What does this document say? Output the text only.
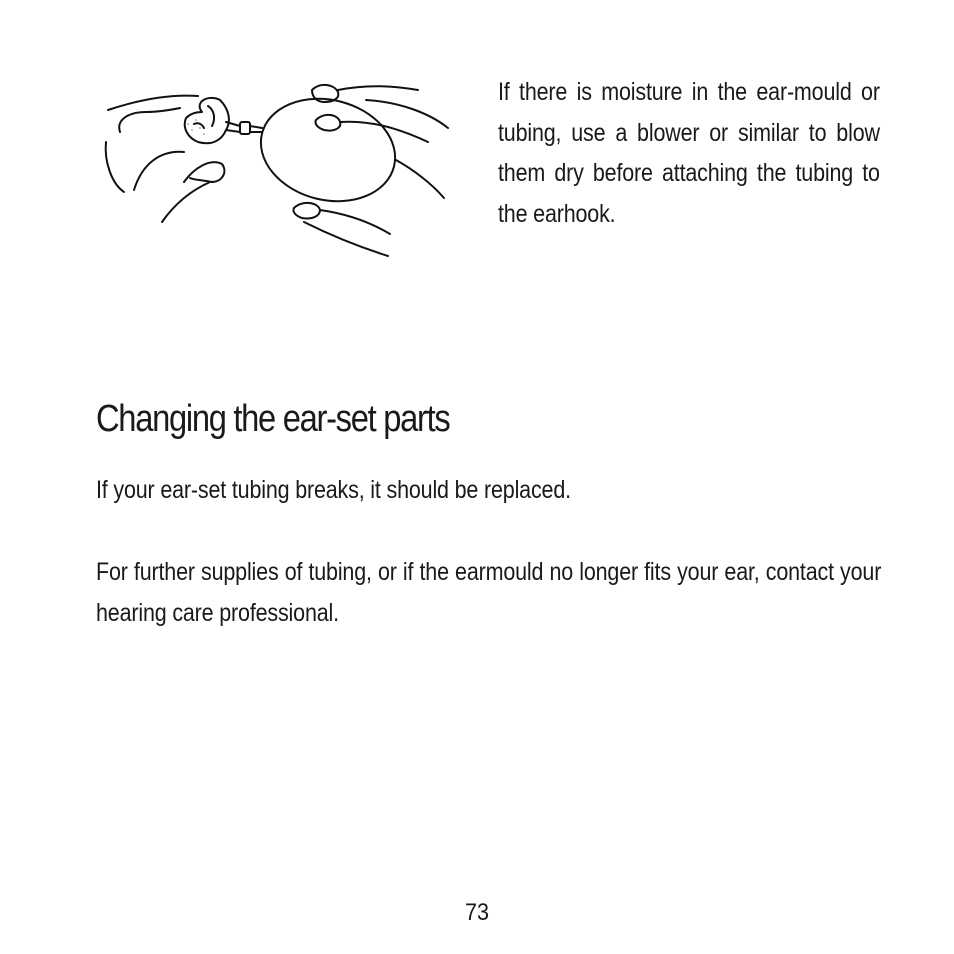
If there is moisture in the ear-mould or tubing, use a blower or similar to blow them dry before attaching the tubing to the earhook.
Changing the ear-set parts

If your ear-set tubing breaks, it should be replaced.

For further supplies of tubing, or if the earmould no longer fits your ear, contact your hearing care professional.

73
